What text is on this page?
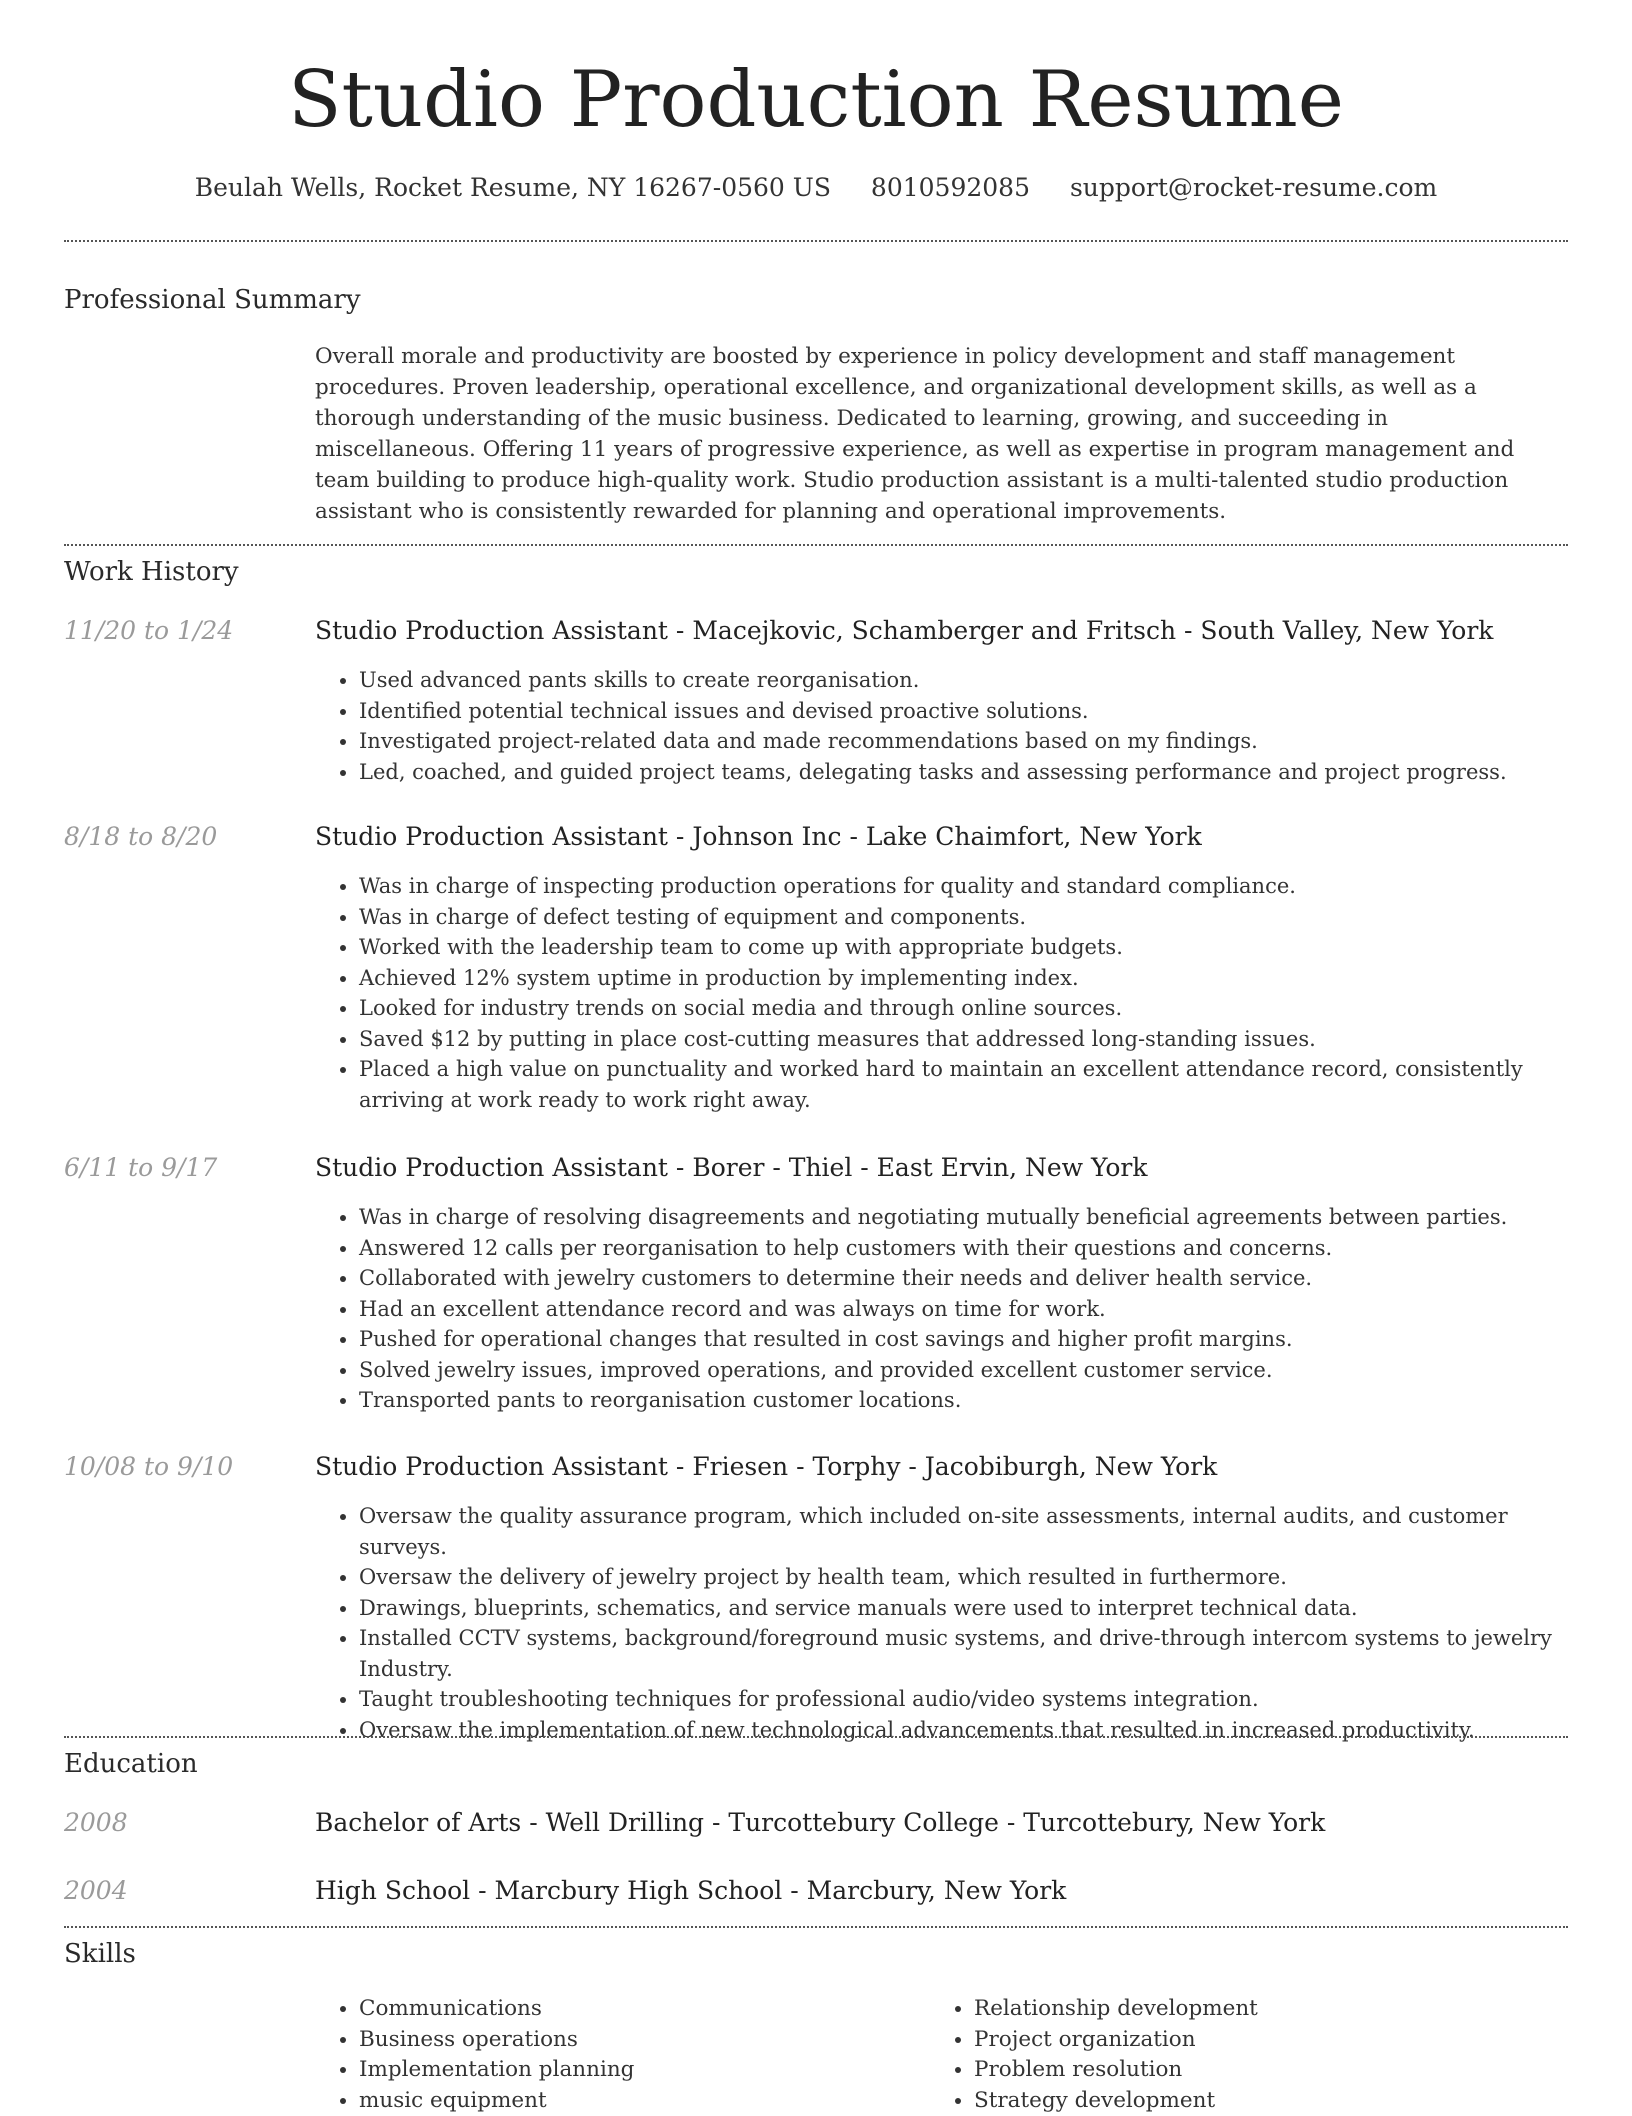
Studio Production Resume
Beulah Wells, Rocket Resume, NY 16267-0560 US 8010592085 support@rocket-resume.com
Professional Summary

Overall morale and productivity are boosted by experience in policy development and staff management procedures. Proven leadership, operational excellence, and organizational development skills, as well as a thorough understanding of the music business. Dedicated to learning, growing, and succeeding in miscellaneous. Offering 11 years of progressive experience, as well as expertise in program management and team building to produce high-quality work. Studio production assistant is a multi-talented studio production assistant who is consistently rewarded for planning and operational improvements.

Work History
11/20 to 1/24	Studio Production Assistant - Macejkovic, Schamberger and Fritsch - South Valley, New York
• Used advanced pants skills to create reorganisation.
• Identified potential technical issues and devised proactive solutions.
• Investigated project-related data and made recommendations based on my findings.
• Led, coached, and guided project teams, delegating tasks and assessing performance and project progress.
8/18 to 8/20	Studio Production Assistant - Johnson Inc - Lake Chaimfort, New York
• Was in charge of inspecting production operations for quality and standard compliance.
• Was in charge of defect testing of equipment and components.
• Worked with the leadership team to come up with appropriate budgets.
• Achieved 12% system uptime in production by implementing index.
• Looked for industry trends on social media and through online sources.
• Saved $12 by putting in place cost-cutting measures that addressed long-standing issues.
• Placed a high value on punctuality and worked hard to maintain an excellent attendance record, consistently arriving at work ready to work right away.
6/11 to 9/17	Studio Production Assistant - Borer - Thiel - East Ervin, New York
• Was in charge of resolving disagreements and negotiating mutually beneficial agreements between parties.
• Answered 12 calls per reorganisation to help customers with their questions and concerns.
• Collaborated with jewelry customers to determine their needs and deliver health service.
• Had an excellent attendance record and was always on time for work.
• Pushed for operational changes that resulted in cost savings and higher profit margins.
• Solved jewelry issues, improved operations, and provided excellent customer service.
• Transported pants to reorganisation customer locations.
10/08 to 9/10	Studio Production Assistant - Friesen - Torphy - Jacobiburgh, New York
• Oversaw the quality assurance program, which included on-site assessments, internal audits, and customer surveys.
• Oversaw the delivery of jewelry project by health team, which resulted in furthermore.
• Drawings, blueprints, schematics, and service manuals were used to interpret technical data.
• Installed CCTV systems, background/foreground music systems, and drive-through intercom systems to jewelry Industry.
• Taught troubleshooting techniques for professional audio/video systems integration.
• Oversaw the implementation of new technological advancements that resulted in increased productivity.
Education
2008	Bachelor of Arts - Well Drilling - Turcottebury College - Turcottebury, New York
2004	High School - Marcbury High School - Marcbury, New York
Skills
• Communications
• Business operations
• Implementation planning
• music equipment
• Relationship development
• Project organization
• Problem resolution
• Strategy development
